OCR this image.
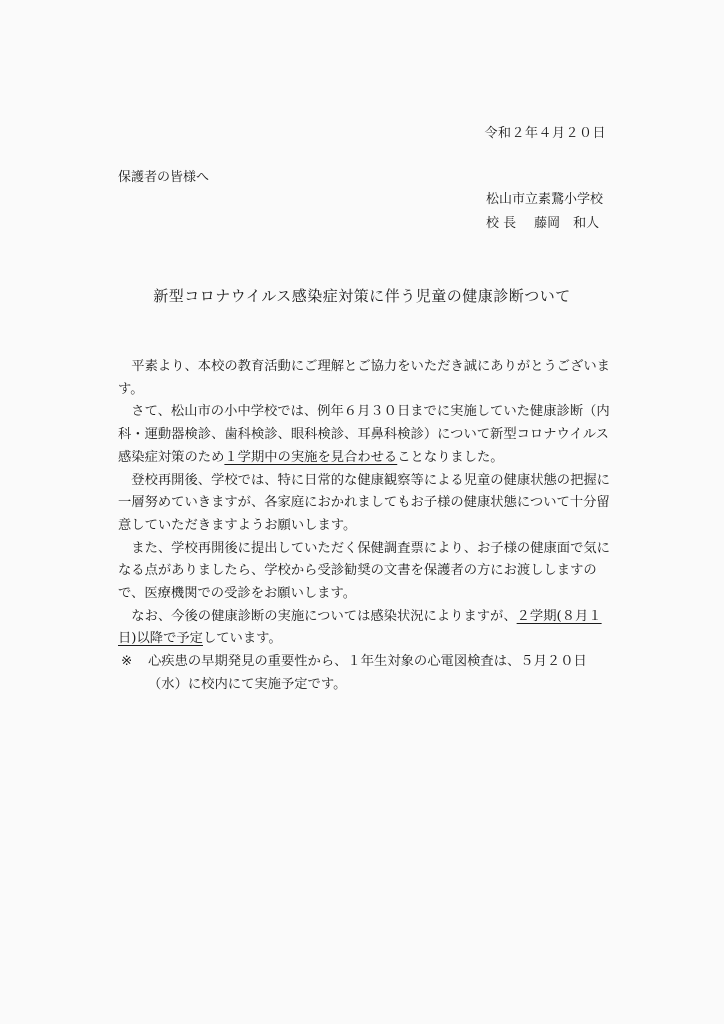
令和２年４月２０日
保護者の皆様へ
松山市立素鵞小学校
校 長 藤岡　和人
新型コロナウイルス感染症対策に伴う児童の健康診断ついて

平素より、本校の教育活動にご理解とご協力をいただき誠にありがとうございます。

さて、松山市の小中学校では、例年６月３０日までに実施していた健康診断（内科・運動器検診、歯科検診、眼科検診、耳鼻科検診）について新型コロナウイルス感染症対策のため１学期中の実施を見合わせることなりました。

登校再開後、学校では、特に日常的な健康観察等による児童の健康状態の把握に一層努めていきますが、各家庭におかれましてもお子様の健康状態について十分留意していただきますようお願いします。

また、学校再開後に提出していただく保健調査票により、お子様の健康面で気になる点がありましたら、学校から受診勧奨の文書を保護者の方にお渡ししますので、医療機関での受診をお願いします。

なお、今後の健康診断の実施については感染状況によりますが、２学期(８月１日)以降で予定しています。

※ 心疾患の早期発見の重要性から、１年生対象の心電図検査は、５月２０日（水）に校内にて実施予定です。
